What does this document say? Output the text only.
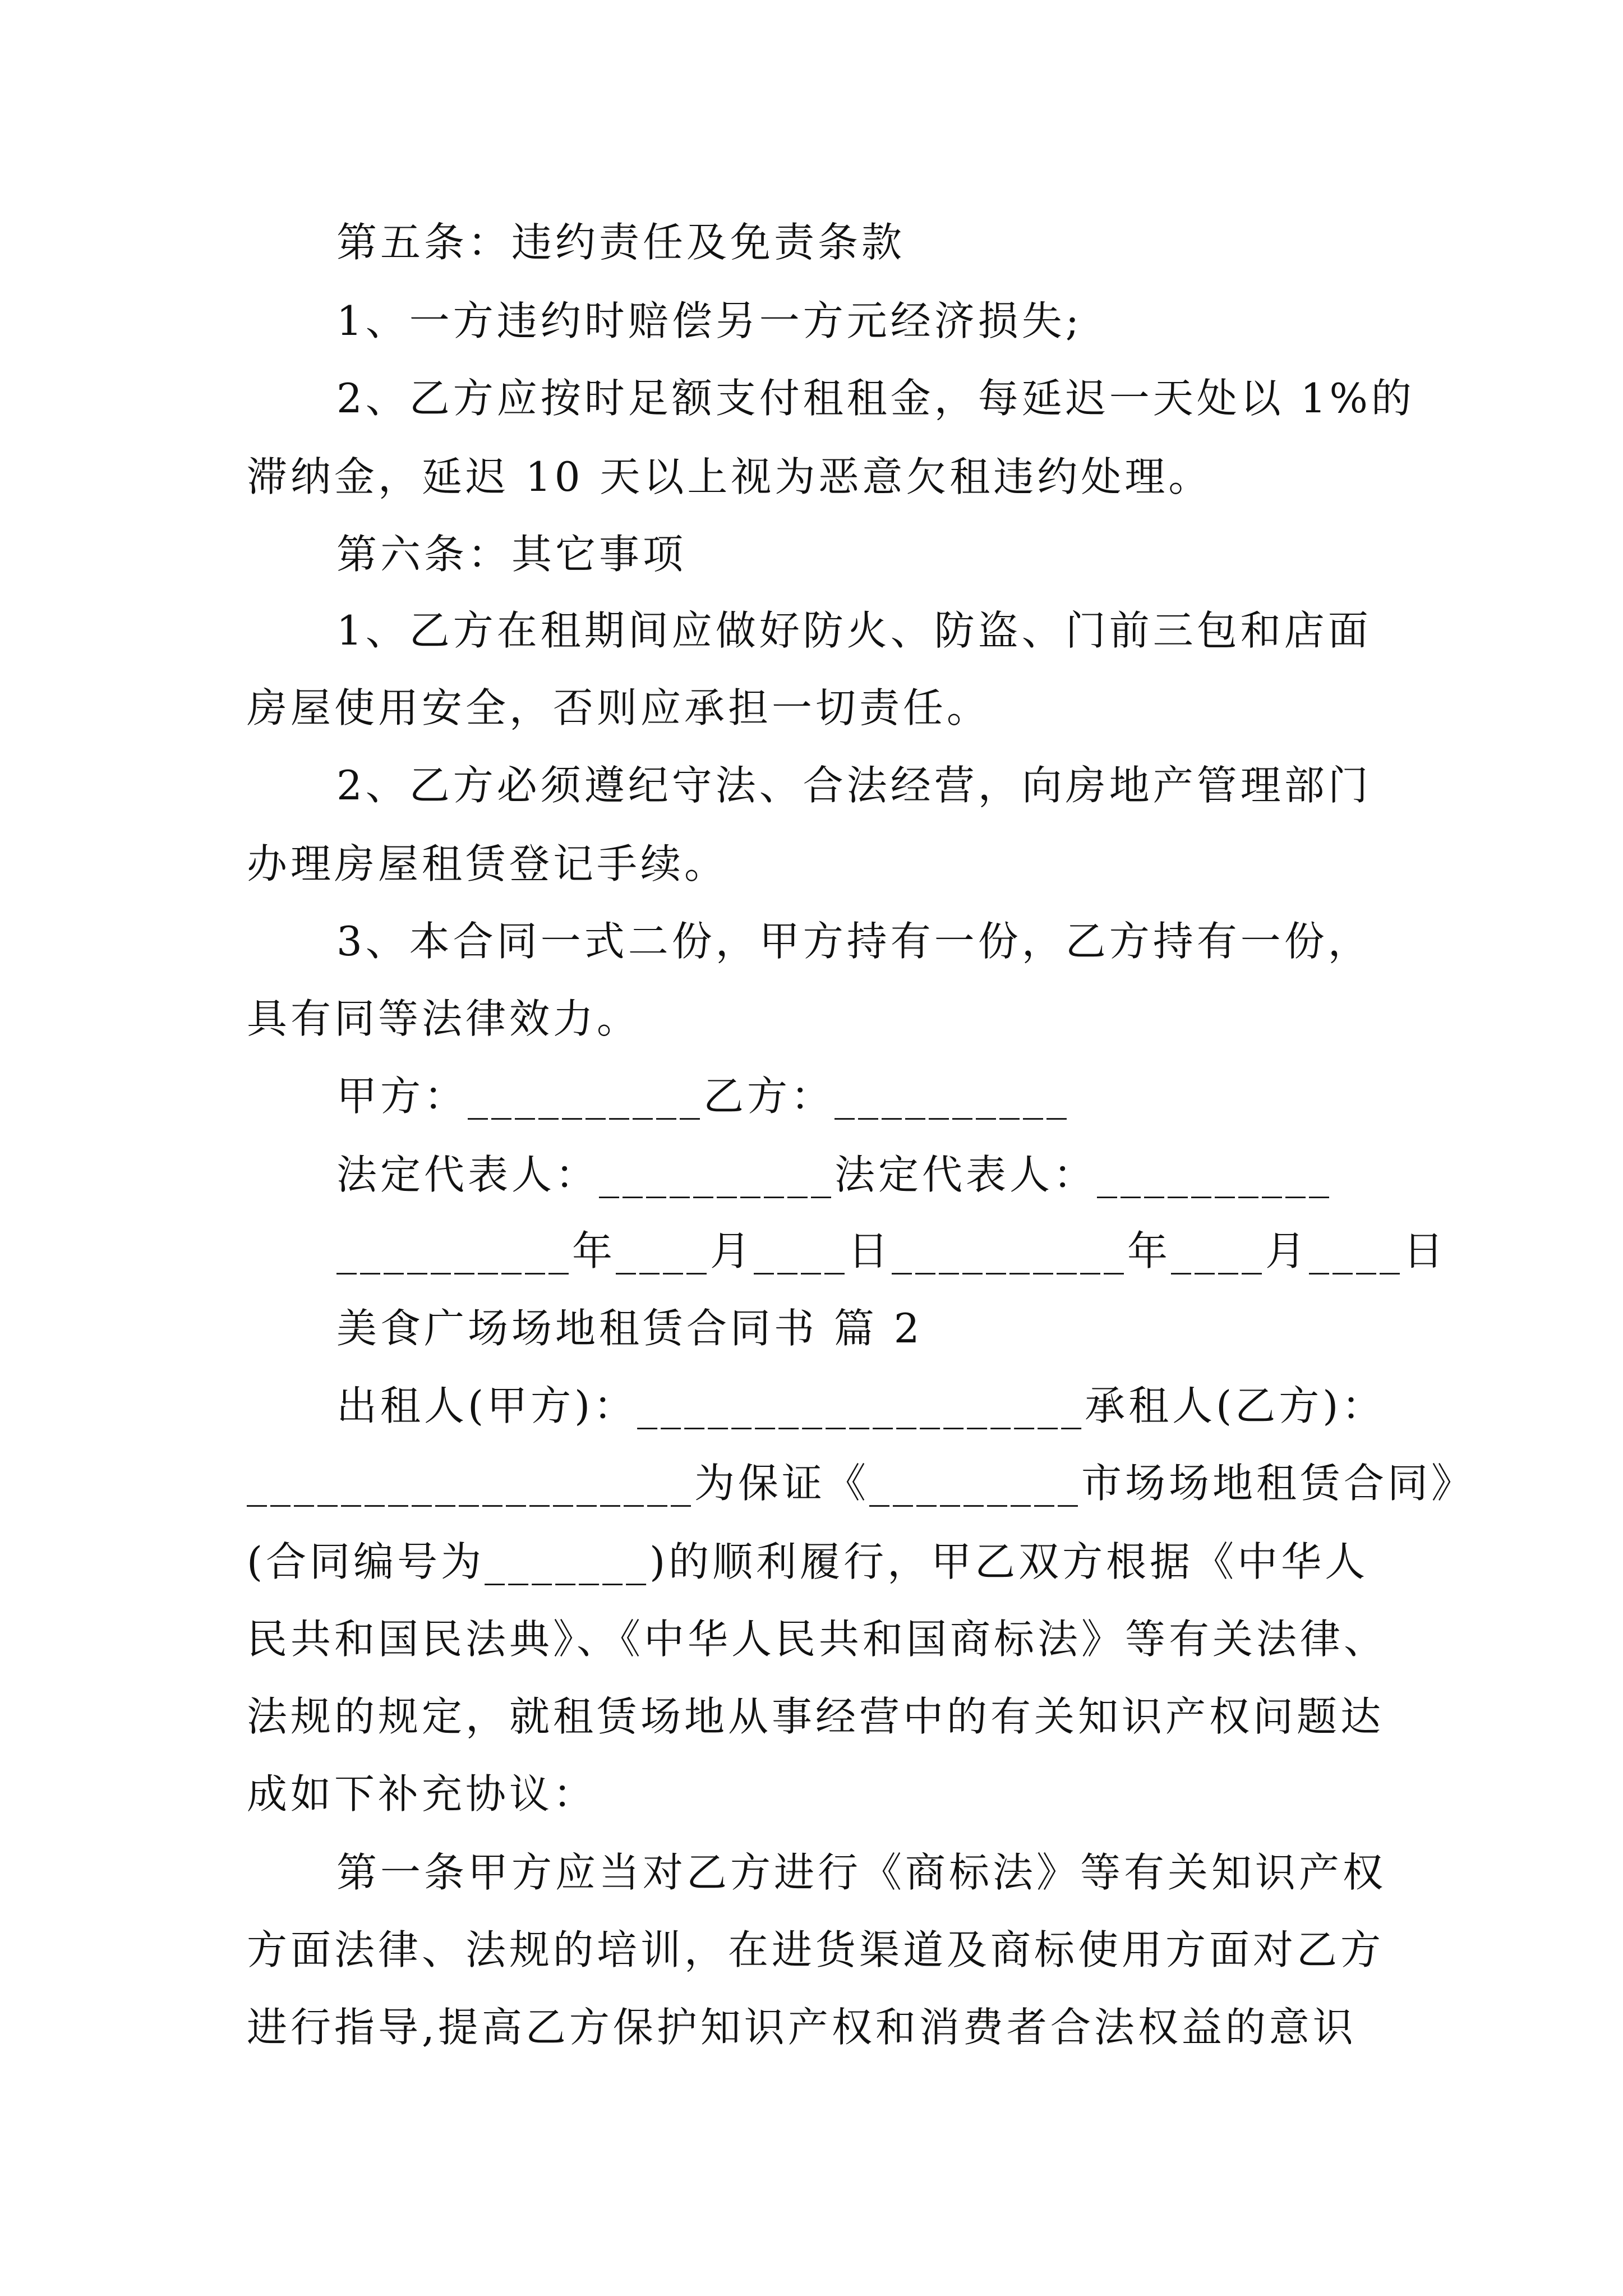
第五条：违约责任及免责条款
1、一方违约时赔偿另一方元经济损失;
2、乙方应按时足额支付租租金，每延迟一天处以 1%的
滞纳金，延迟 10 天以上视为恶意欠租违约处理。
第六条：其它事项
1、乙方在租期间应做好防火、防盗、门前三包和店面
房屋使用安全，否则应承担一切责任。
2、乙方必须遵纪守法、合法经营，向房地产管理部门
办理房屋租赁登记手续。
3、本合同一式二份，甲方持有一份，乙方持有一份，
具有同等法律效力。
甲方：__________乙方：__________
法定代表人：__________法定代表人：__________
__________年____月____日__________年____月____日
美食广场场地租赁合同书 篇 2
出租人(甲方)：___________________承租人(乙方)：
___________________为保证《_________市场场地租赁合同》
(合同编号为_______)的顺利履行，甲乙双方根据《中华人
民共和国民法典》、《中华人民共和国商标法》等有关法律、
法规的规定，就租赁场地从事经营中的有关知识产权问题达
成如下补充协议：
第一条甲方应当对乙方进行《商标法》等有关知识产权
方面法律、法规的培训，在进货渠道及商标使用方面对乙方
进行指导,提高乙方保护知识产权和消费者合法权益的意识
